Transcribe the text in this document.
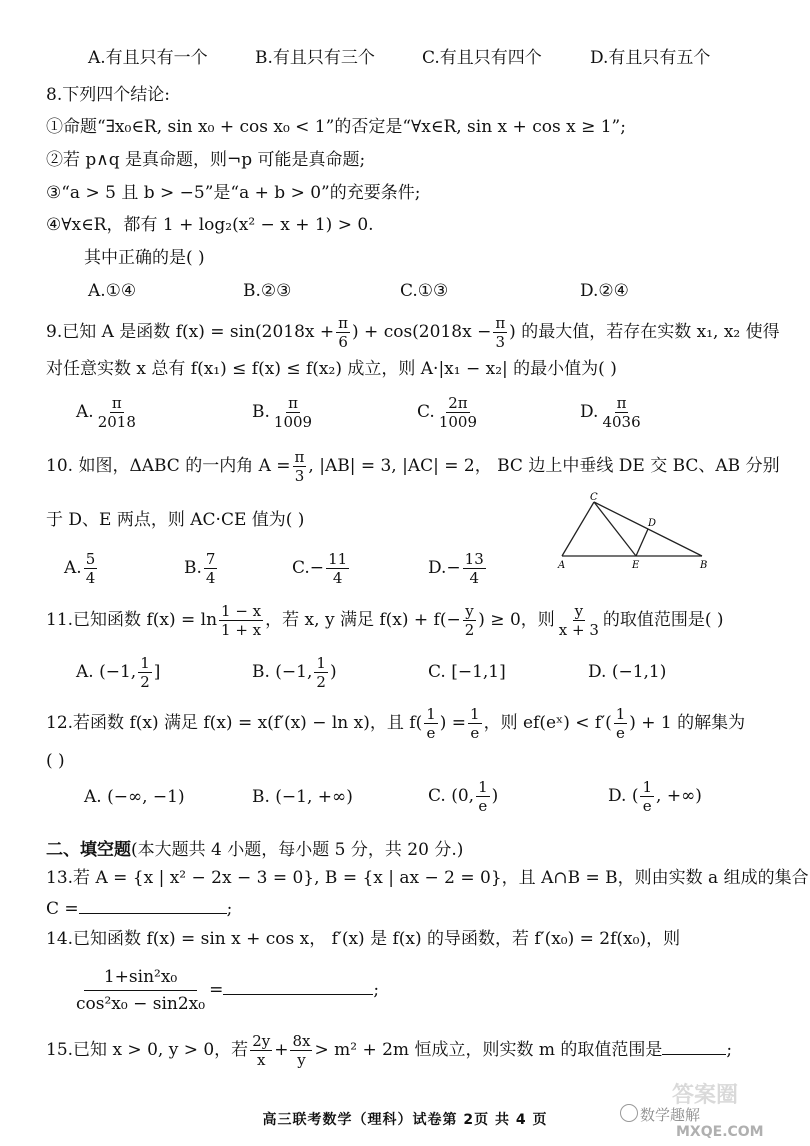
A.有且只有一个	B.有且只有三个	C.有且只有四个	D.有且只有五个
8.下列四个结论:
①命题“∃x₀∈R, sin x₀ + cos x₀ < 1”的否定是“∀x∈R, sin x + cos x ≥ 1”;
②若 p∧q 是真命题，则¬p 可能是真命题;
③“a > 5 且 b > −5”是“a + b > 0”的充要条件;
④∀x∈R，都有 1 + log₂(x² − x + 1) > 0.
其中正确的是( )
A.①④	B.②③	C.①③	D.②④
9.已知 A 是函数 $f(x) = \sin(2018x + \frac{\pi}{6}$ ) + $\cos(2018x - \frac{\pi}{3}$ ) 的最大值，若存在实数 x₁, x₂ 使得
对任意实数 x 总有 f(x₁) ≤ f(x) ≤ f(x₂) 成立，则 A·|x₁ − x₂| 的最小值为( )
A. $\frac{\pi}{2018}$	B. $\frac{\pi}{1009}$	C. $\frac{2\pi}{1009}$	D. $\frac{\pi}{4036}$
10. 如图，ΔABC 的一内角 $A = \frac{\pi}{3}$ , |AB| = 3, |AC| = 2， BC 边上中垂线 DE 交 BC、AB 分别
于 D、E 两点，则 AC·CE 值为( )
A. $\frac{5}{4}$	B. $\frac{7}{4}$	$C.- \frac{11}{4}$	$D.- \frac{13}{4}$
C
D
A	E	B
11.已知函数 $f(x) = \ln \frac{1 - x}{1 + x}$ ，若 x, y 满足 $f(x) + f(- \frac{y}{2}$ ) ≥ 0，则 $\frac{y}{x + 3}$ 的取值范围是( )
A. (−1, $\frac{1}{2}$ ]	B. (−1, $\frac{1}{2}$ )	C. [−1,1]	D. (−1,1)
12.若函数 f(x) 满足 f(x) = x(f′(x) − ln x)，且 $f( \frac{1}{e}$ ) = $\frac{1}{e}$ ，则 ef(eˣ) < $f'( \frac{1}{e}$ ) + 1 的解集为
( )
A. (−∞, −1)	B. (−1, +∞)	C. (0, $\frac{1}{e}$ )	D. ( $\frac{1}{e}$ , +∞)
二、填空题(本大题共 4 小题，每小题 5 分，共 20 分.)
13.若 A = {x | x² − 2x − 3 = 0}, B = {x | ax − 2 = 0}，且 A∩B = B，则由实数 a 组成的集合
C =	;
14.已知函数 f(x) = sin x + cos x， f′(x) 是 f(x) 的导函数，若 f′(x₀) = 2f(x₀)，则
$\frac{\text{1+sin²x₀}}{\text{cos²x₀ − sin2x₀}}$ =	;
15.已知 x > 0, y > 0，若 $\frac{2y}{x} + \frac{8x}{y} > m^2 + 2m$ 恒成立，则实数 m 的取值范围是	;
高三联考数学（理科）试卷第 2页 共 4 页
答案圈
数学趣解
MXQE.COM
